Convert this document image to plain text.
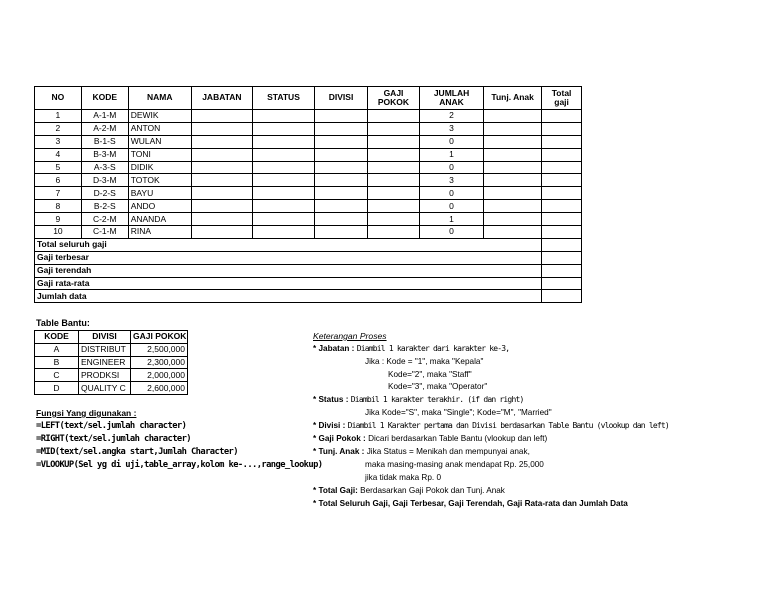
NO	KODE	NAMA	JABATAN	STATUS	DIVISI	GAJI POKOK	JUMLAH ANAK	Tunj. Anak	Total gaji
1	A-1-M	DEWIK					2		
2	A-2-M	ANTON					3		
3	B-1-S	WULAN					0		
4	B-3-M	TONI					1		
5	A-3-S	DIDIK					0		
6	D-3-M	TOTOK					3		
7	D-2-S	BAYU					0		
8	B-2-S	ANDO					0		
9	C-2-M	ANANDA					1		
10	C-1-M	RINA					0		
Total seluruh gaji									
Gaji terbesar									
Gaji terendah									
Gaji rata-rata									
Jumlah data									
Table Bantu:
KODE	DIVISI	GAJI POKOK
A	DISTRIBUT	2,500,000
B	ENGINEER	2,300,000
C	PRODKSI	2,000,000
D	QUALITY C	2,600,000
Fungsi Yang digunakan :
=LEFT(text/sel.jumlah character)
=RIGHT(text/sel.jumlah character)
=MID(text/sel.angka start,Jumlah Character)
=VLOOKUP(Sel yg di uji,table_array,kolom ke-...,range_lookup)
Keterangan Proses
* Jabatan : Diambil 1 karakter dari karakter ke-3,
Jika : Kode = "1", maka "Kepala"
Kode="2", maka "Staff"
Kode="3", maka "Operator"
* Status : Diambil 1 karakter terakhir. (if dan right)
Jika Kode="S", maka "Single"; Kode="M", "Married"
* Divisi : Diambil 1 Karakter pertama dan Divisi berdasarkan Table Bantu (vlookup dan left)
* Gaji Pokok : Dicari berdasarkan Table Bantu (vlookup dan left)
* Tunj. Anak : Jika Status = Menikah dan mempunyai anak,
maka masing-masing anak mendapat Rp. 25,000
jika tidak maka Rp. 0
* Total Gaji: Berdasarkan Gaji Pokok dan Tunj. Anak
* Total Seluruh Gaji, Gaji Terbesar, Gaji Terendah, Gaji Rata-rata dan Jumlah Data
